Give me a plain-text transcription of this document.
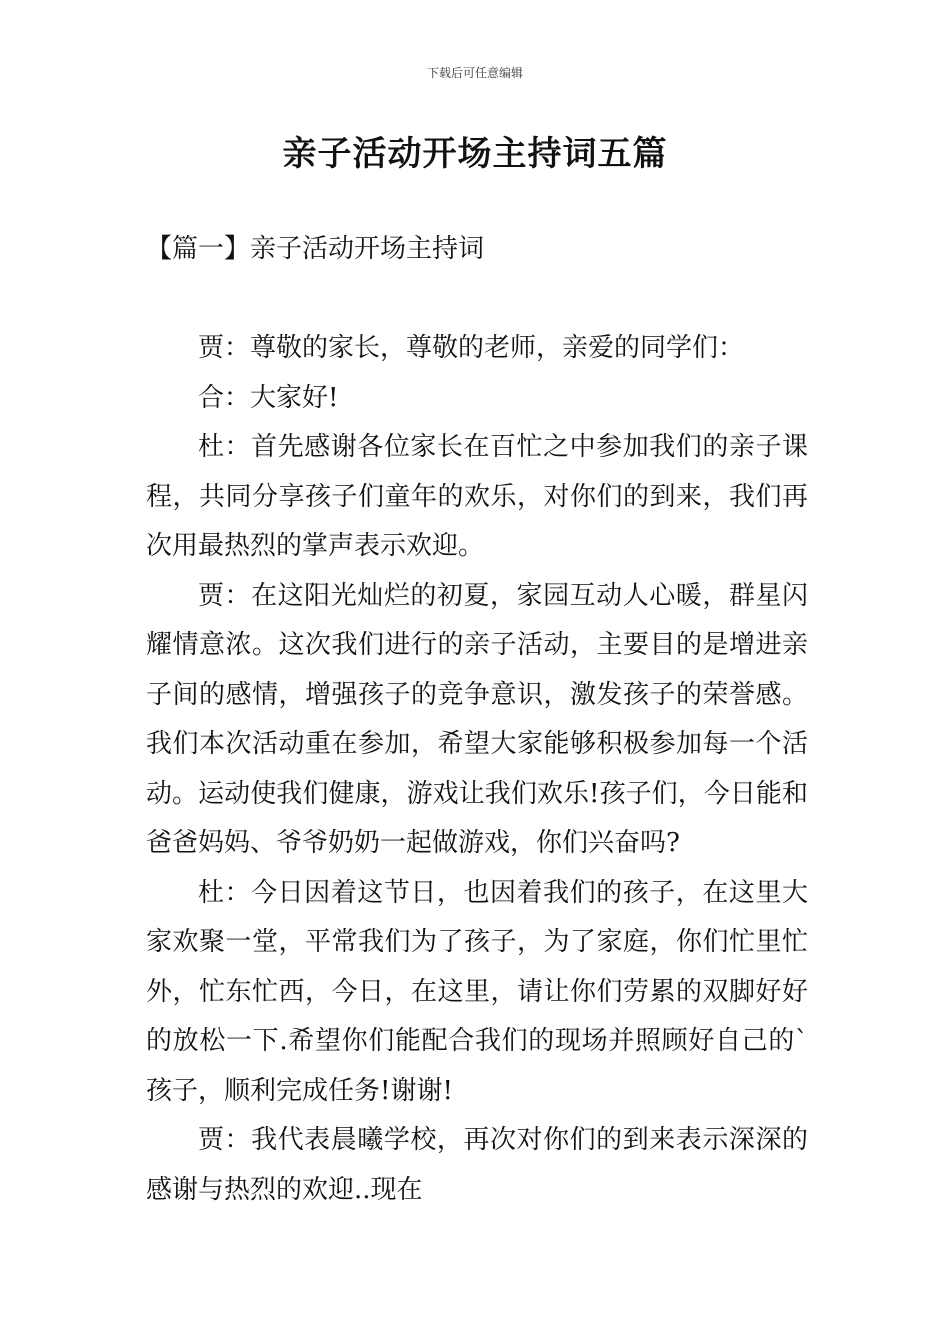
下载后可任意编辑
亲子活动开场主持词五篇
【篇一】亲子活动开场主持词

贾：尊敬的家长，尊敬的老师，亲爱的同学们：

合：大家好!

杜：首先感谢各位家长在百忙之中参加我们的亲子课程，共同分享孩子们童年的欢乐，对你们的到来，我们再次用最热烈的掌声表示欢迎。

贾：在这阳光灿烂的初夏，家园互动人心暖，群星闪耀情意浓。这次我们进行的亲子活动，主要目的是增进亲子间的感情，增强孩子的竞争意识，激发孩子的荣誉感。我们本次活动重在参加，希望大家能够积极参加每一个活动。运动使我们健康，游戏让我们欢乐!孩子们，今日能和爸爸妈妈、爷爷奶奶一起做游戏，你们兴奋吗?

杜：今日因着这节日，也因着我们的孩子，在这里大家欢聚一堂，平常我们为了孩子，为了家庭，你们忙里忙外，忙东忙西，今日，在这里，请让你们劳累的双脚好好的放松一下.希望你们能配合我们的现场并照顾好自己的`孩子，顺利完成任务!谢谢!

贾：我代表晨曦学校，再次对你们的到来表示深深的感谢与热烈的欢迎..现在
